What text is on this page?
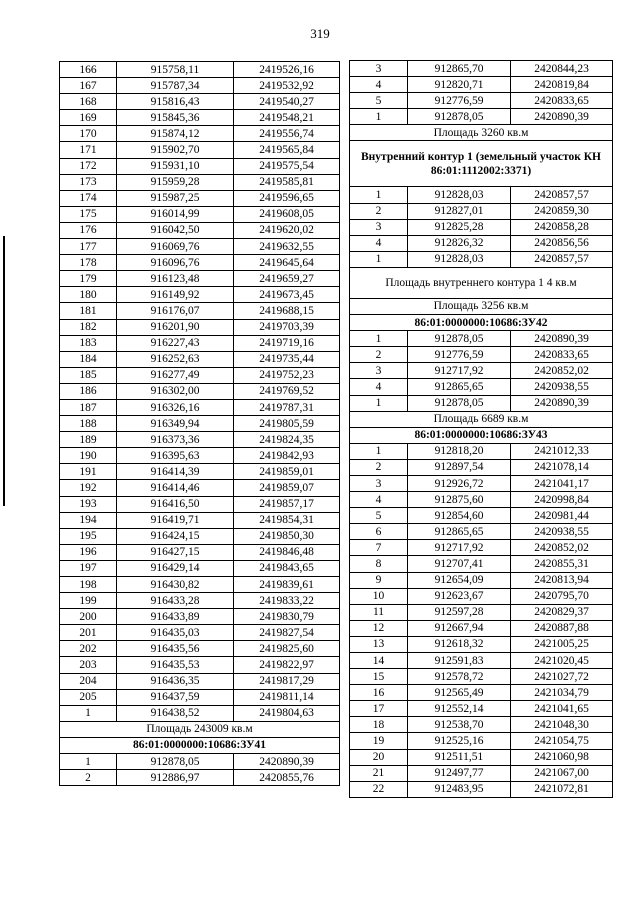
319
166	915758,11	2419526,16
167	915787,34	2419532,92
168	915816,43	2419540,27
169	915845,36	2419548,21
170	915874,12	2419556,74
171	915902,70	2419565,84
172	915931,10	2419575,54
173	915959,28	2419585,81
174	915987,25	2419596,65
175	916014,99	2419608,05
176	916042,50	2419620,02
177	916069,76	2419632,55
178	916096,76	2419645,64
179	916123,48	2419659,27
180	916149,92	2419673,45
181	916176,07	2419688,15
182	916201,90	2419703,39
183	916227,43	2419719,16
184	916252,63	2419735,44
185	916277,49	2419752,23
186	916302,00	2419769,52
187	916326,16	2419787,31
188	916349,94	2419805,59
189	916373,36	2419824,35
190	916395,63	2419842,93
191	916414,39	2419859,01
192	916414,46	2419859,07
193	916416,50	2419857,17
194	916419,71	2419854,31
195	916424,15	2419850,30
196	916427,15	2419846,48
197	916429,14	2419843,65
198	916430,82	2419839,61
199	916433,28	2419833,22
200	916433,89	2419830,79
201	916435,03	2419827,54
202	916435,56	2419825,60
203	916435,53	2419822,97
204	916436,35	2419817,29
205	916437,59	2419811,14
1	916438,52	2419804,63
Площадь 243009 кв.м		
86:01:0000000:10686:ЗУ41		
1	912878,05	2420890,39
2	912886,97	2420855,76
3	912865,70	2420844,23
4	912820,71	2420819,84
5	912776,59	2420833,65
1	912878,05	2420890,39
Площадь 3260 кв.м		
Внутренний контур 1 (земельный участок КН 86:01:1112002:3371)		
1	912828,03	2420857,57
2	912827,01	2420859,30
3	912825,28	2420858,28
4	912826,32	2420856,56
1	912828,03	2420857,57
Площадь внутреннего контура 1 4 кв.м		
Площадь 3256 кв.м		
86:01:0000000:10686:ЗУ42		
1	912878,05	2420890,39
2	912776,59	2420833,65
3	912717,92	2420852,02
4	912865,65	2420938,55
1	912878,05	2420890,39
Площадь 6689 кв.м		
86:01:0000000:10686:ЗУ43		
1	912818,20	2421012,33
2	912897,54	2421078,14
3	912926,72	2421041,17
4	912875,60	2420998,84
5	912854,60	2420981,44
6	912865,65	2420938,55
7	912717,92	2420852,02
8	912707,41	2420855,31
9	912654,09	2420813,94
10	912623,67	2420795,70
11	912597,28	2420829,37
12	912667,94	2420887,88
13	912618,32	2421005,25
14	912591,83	2421020,45
15	912578,72	2421027,72
16	912565,49	2421034,79
17	912552,14	2421041,65
18	912538,70	2421048,30
19	912525,16	2421054,75
20	912511,51	2421060,98
21	912497,77	2421067,00
22	912483,95	2421072,81
